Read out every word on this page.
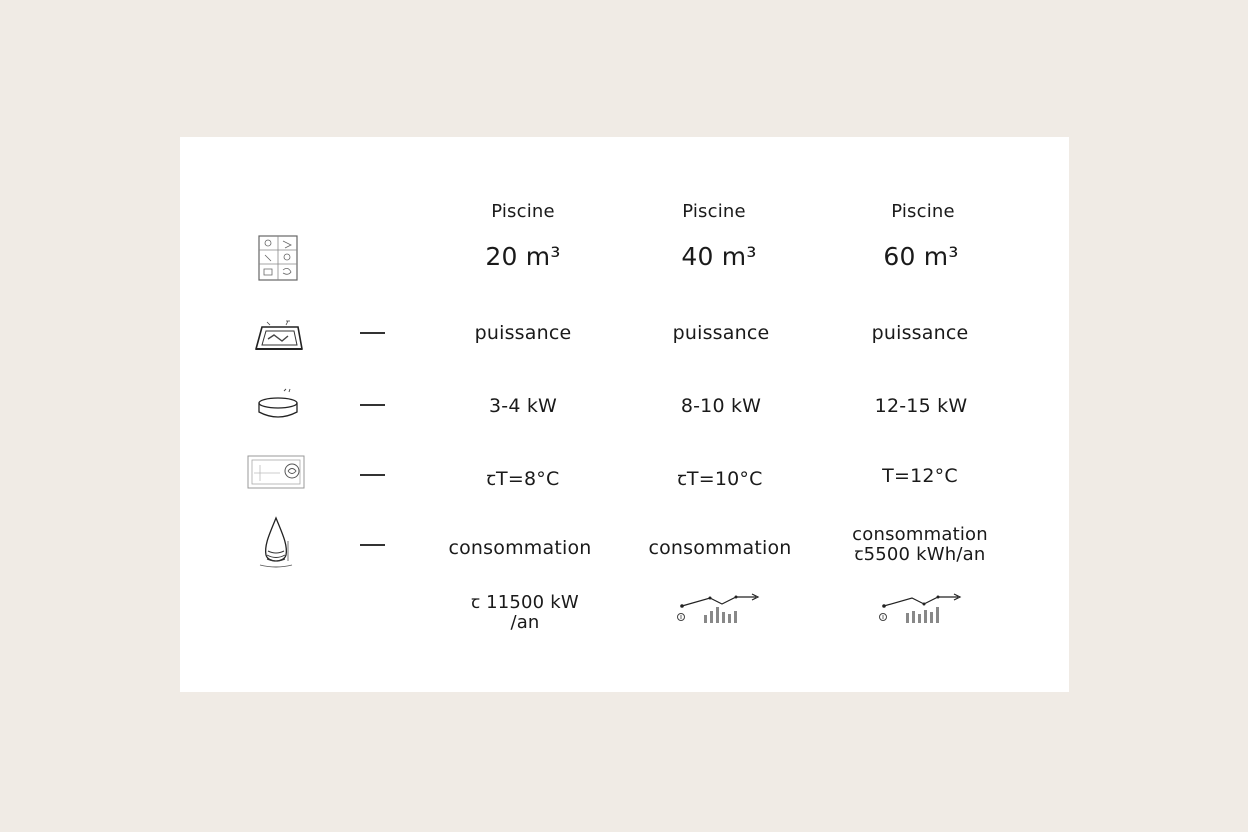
Piscine
20 m³
puissance
3-4 kW
ꞇT=8°C
consommation
ꞇ 11500 kW
/an
Piscine
40 m³
puissance
8-10 kW
ꞇT=10°C
consommation
Piscine
60 m³
puissance
12-15 kW
T=12°C
consommation
ꞇ5500 kWh/an
